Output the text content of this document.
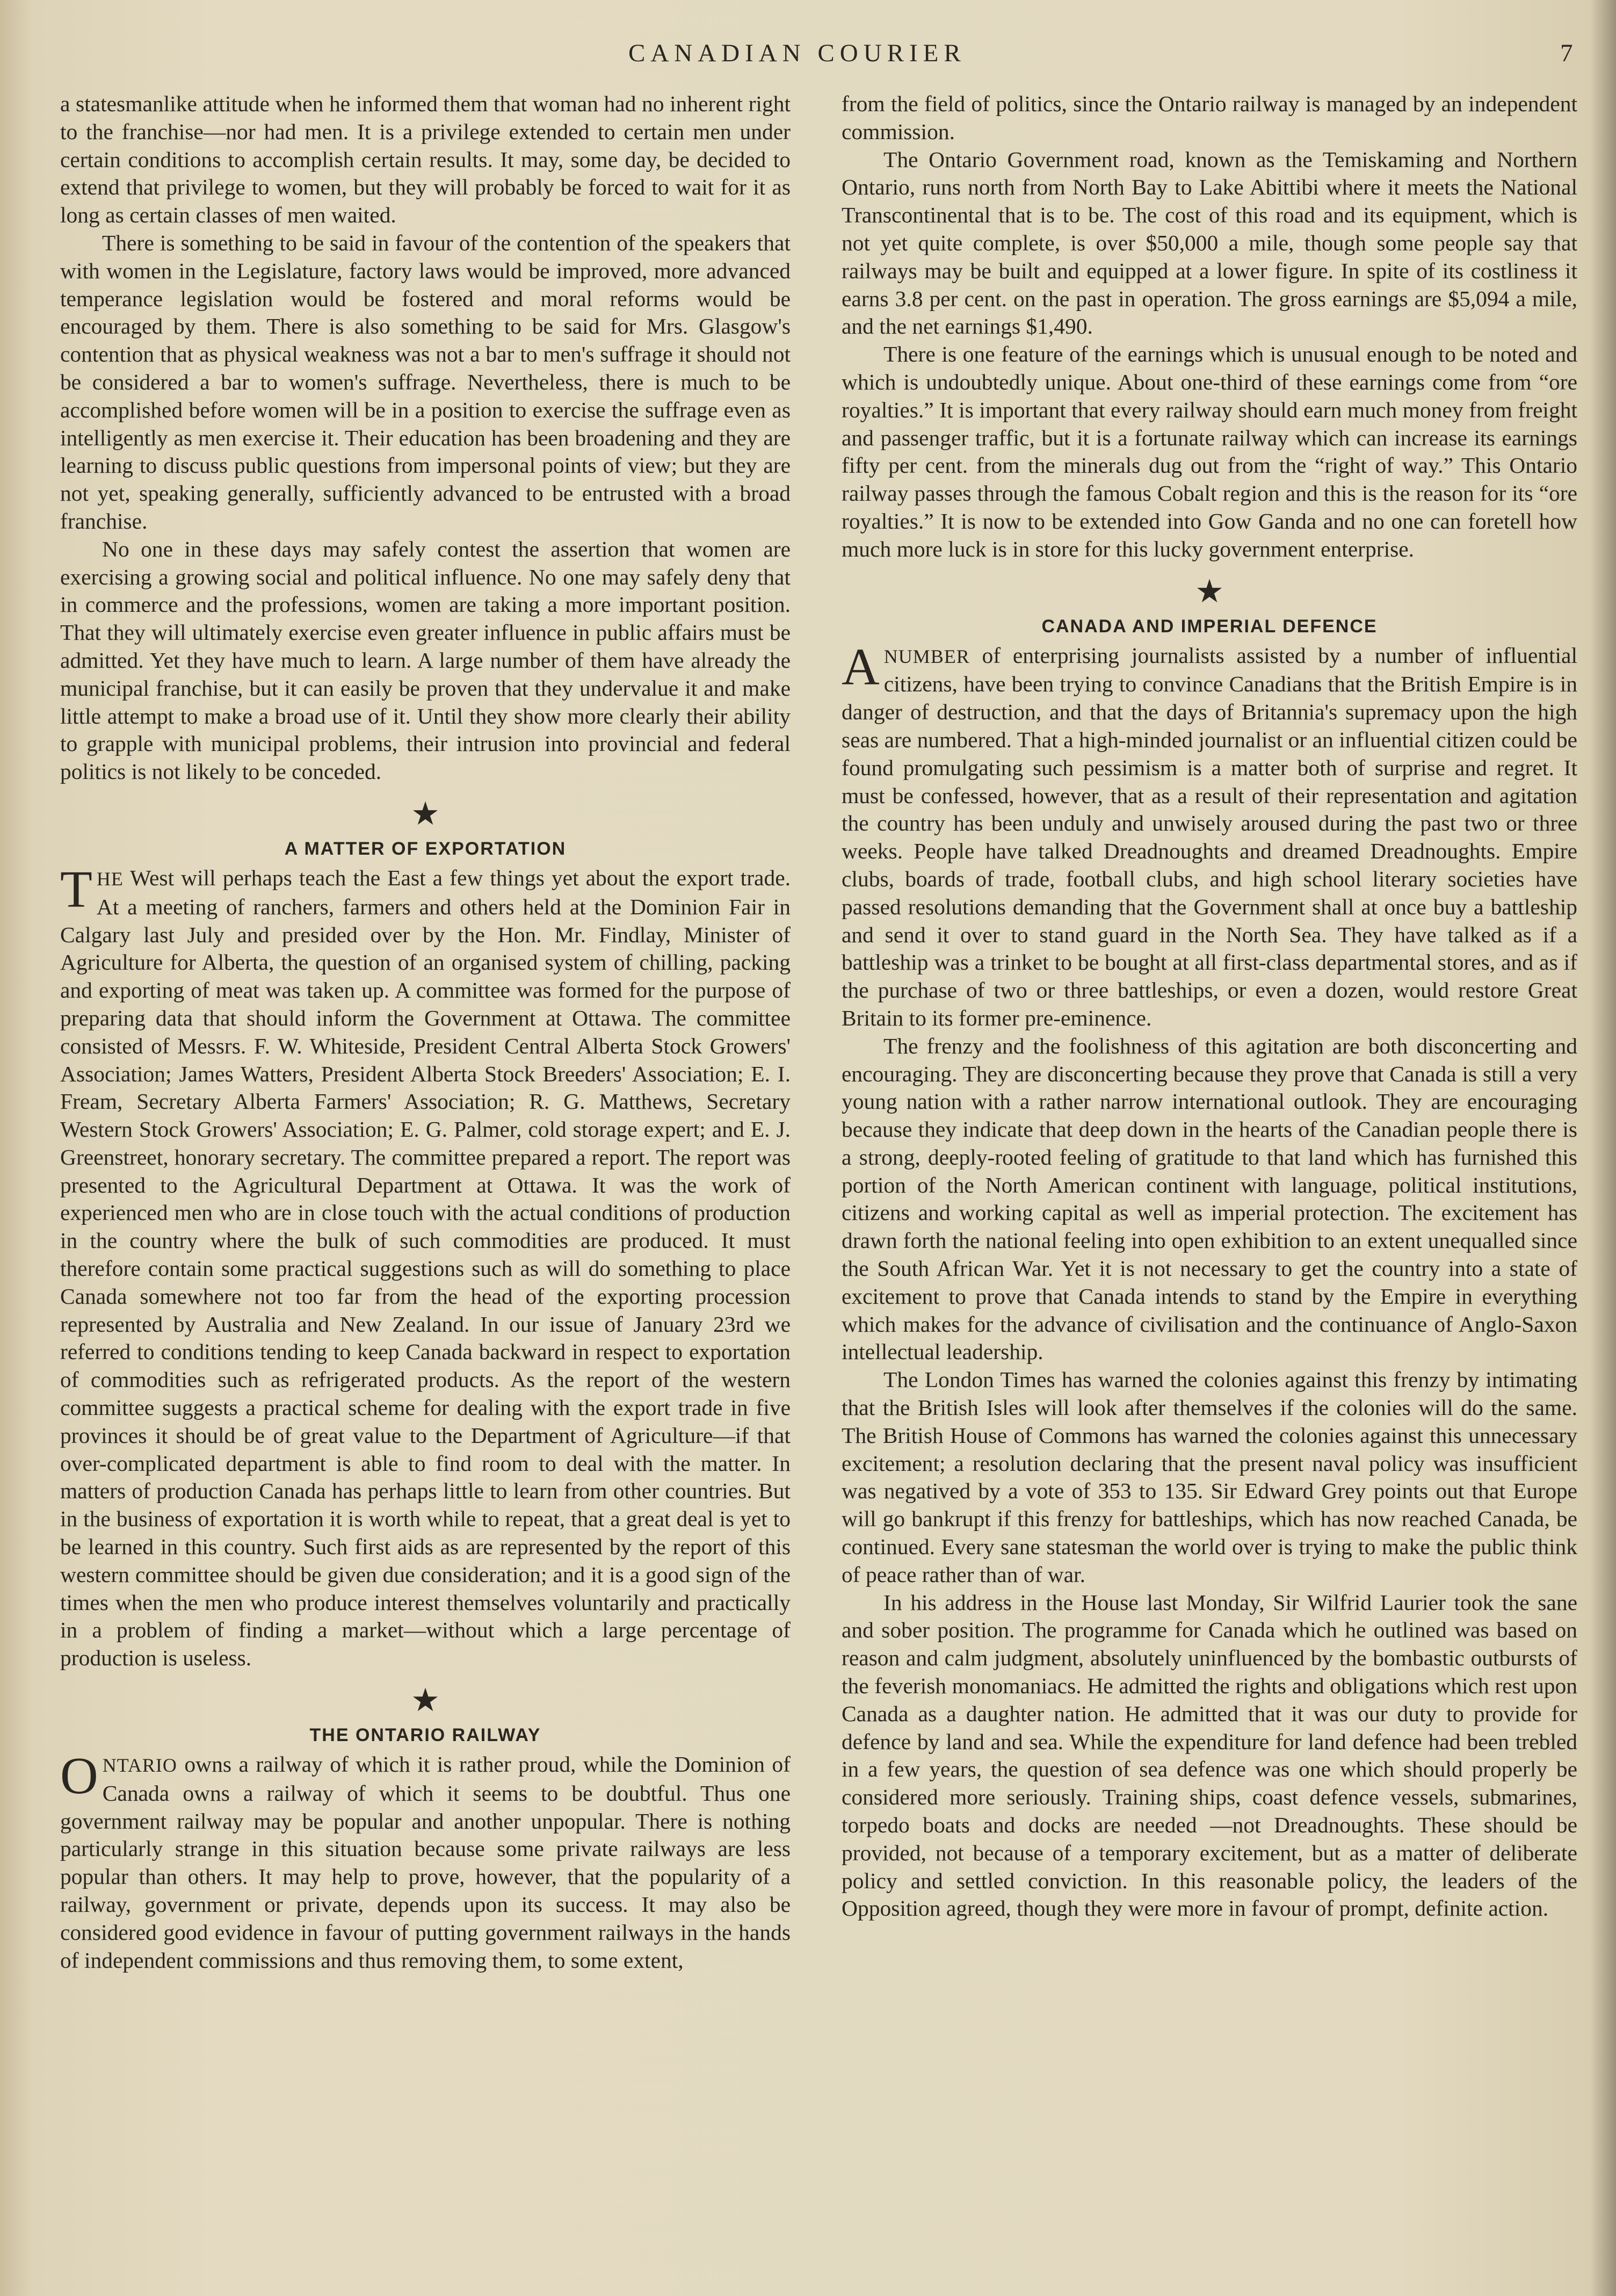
CANADIAN COURIER	7

a statesmanlike attitude when he informed them that woman had no inherent right to the franchise—nor had men. It is a privilege extended to certain men under certain conditions to accomplish certain results. It may, some day, be decided to extend that privilege to women, but they will probably be forced to wait for it as long as certain classes of men waited.

There is something to be said in favour of the contention of the speakers that with women in the Legislature, factory laws would be improved, more advanced temperance legislation would be fostered and moral reforms would be encouraged by them. There is also something to be said for Mrs. Glasgow's contention that as physical weakness was not a bar to men's suffrage it should not be considered a bar to women's suffrage. Nevertheless, there is much to be accomplished before women will be in a position to exercise the suffrage even as intelligently as men exercise it. Their education has been broadening and they are learning to discuss public questions from impersonal points of view; but they are not yet, speaking generally, sufficiently advanced to be entrusted with a broad franchise.

No one in these days may safely contest the assertion that women are exercising a growing social and political influence. No one may safely deny that in commerce and the professions, women are taking a more important position. That they will ultimately exercise even greater influence in public affairs must be admitted. Yet they have much to learn. A large number of them have already the municipal franchise, but it can easily be proven that they undervalue it and make little attempt to make a broad use of it. Until they show more clearly their ability to grapple with municipal problems, their intrusion into provincial and federal politics is not likely to be conceded.

★
A MATTER OF EXPORTATION

THE West will perhaps teach the East a few things yet about the export trade. At a meeting of ranchers, farmers and others held at the Dominion Fair in Calgary last July and presided over by the Hon. Mr. Findlay, Minister of Agriculture for Alberta, the question of an organised system of chilling, packing and exporting of meat was taken up. A committee was formed for the purpose of preparing data that should inform the Government at Ottawa. The committee consisted of Messrs. F. W. Whiteside, President Central Alberta Stock Growers' Association; James Watters, President Alberta Stock Breeders' Association; E. I. Fream, Secretary Alberta Farmers' Association; R. G. Matthews, Secretary Western Stock Growers' Association; E. G. Palmer, cold storage expert; and E. J. Greenstreet, honorary secretary. The committee prepared a report. The report was presented to the Agricultural Department at Ottawa. It was the work of experienced men who are in close touch with the actual conditions of production in the country where the bulk of such commodities are produced. It must therefore contain some practical suggestions such as will do something to place Canada somewhere not too far from the head of the exporting procession represented by Australia and New Zealand. In our issue of January 23rd we referred to conditions tending to keep Canada backward in respect to exportation of commodities such as refrigerated products. As the report of the western committee suggests a practical scheme for dealing with the export trade in five provinces it should be of great value to the Department of Agriculture—if that over-complicated department is able to find room to deal with the matter. In matters of production Canada has perhaps little to learn from other countries. But in the business of exportation it is worth while to repeat, that a great deal is yet to be learned in this country. Such first aids as are represented by the report of this western committee should be given due consideration; and it is a good sign of the times when the men who produce interest themselves voluntarily and practically in a problem of finding a market—without which a large percentage of production is useless.

★
THE ONTARIO RAILWAY

ONTARIO owns a railway of which it is rather proud, while the Dominion of Canada owns a railway of which it seems to be doubtful. Thus one government railway may be popular and another unpopular. There is nothing particularly strange in this situation because some private railways are less popular than others. It may help to prove, however, that the popularity of a railway, government or private, depends upon its success. It may also be considered good evidence in favour of putting government railways in the hands of independent commissions and thus removing them, to some extent,

from the field of politics, since the Ontario railway is managed by an independent commission.

The Ontario Government road, known as the Temiskaming and Northern Ontario, runs north from North Bay to Lake Abittibi where it meets the National Transcontinental that is to be. The cost of this road and its equipment, which is not yet quite complete, is over $50,000 a mile, though some people say that railways may be built and equipped at a lower figure. In spite of its costliness it earns 3.8 per cent. on the past in operation. The gross earnings are $5,094 a mile, and the net earnings $1,490.

There is one feature of the earnings which is unusual enough to be noted and which is undoubtedly unique. About one-third of these earnings come from “ore royalties.” It is important that every railway should earn much money from freight and passenger traffic, but it is a fortunate railway which can increase its earnings fifty per cent. from the minerals dug out from the “right of way.” This Ontario railway passes through the famous Cobalt region and this is the reason for its “ore royalties.” It is now to be extended into Gow Ganda and no one can foretell how much more luck is in store for this lucky government enterprise.

★
CANADA AND IMPERIAL DEFENCE

ANUMBER of enterprising journalists assisted by a number of influential citizens, have been trying to convince Canadians that the British Empire is in danger of destruction, and that the days of Britannia's supremacy upon the high seas are numbered. That a high-minded journalist or an influential citizen could be found promulgating such pessimism is a matter both of surprise and regret. It must be confessed, however, that as a result of their representation and agitation the country has been unduly and unwisely aroused during the past two or three weeks. People have talked Dreadnoughts and dreamed Dreadnoughts. Empire clubs, boards of trade, football clubs, and high school literary societies have passed resolutions demanding that the Government shall at once buy a battleship and send it over to stand guard in the North Sea. They have talked as if a battleship was a trinket to be bought at all first-class departmental stores, and as if the purchase of two or three battleships, or even a dozen, would restore Great Britain to its former pre-eminence.

The frenzy and the foolishness of this agitation are both disconcerting and encouraging. They are disconcerting because they prove that Canada is still a very young nation with a rather narrow international outlook. They are encouraging because they indicate that deep down in the hearts of the Canadian people there is a strong, deeply-rooted feeling of gratitude to that land which has furnished this portion of the North American continent with language, political institutions, citizens and working capital as well as imperial protection. The excitement has drawn forth the national feeling into open exhibition to an extent unequalled since the South African War. Yet it is not necessary to get the country into a state of excitement to prove that Canada intends to stand by the Empire in everything which makes for the advance of civilisation and the continuance of Anglo-Saxon intellectual leadership.

The London Times has warned the colonies against this frenzy by intimating that the British Isles will look after themselves if the colonies will do the same. The British House of Commons has warned the colonies against this unnecessary excitement; a resolution declaring that the present naval policy was insufficient was negatived by a vote of 353 to 135. Sir Edward Grey points out that Europe will go bankrupt if this frenzy for battleships, which has now reached Canada, be continued. Every sane statesman the world over is trying to make the public think of peace rather than of war.

In his address in the House last Monday, Sir Wilfrid Laurier took the sane and sober position. The programme for Canada which he outlined was based on reason and calm judgment, absolutely uninfluenced by the bombastic outbursts of the feverish monomaniacs. He admitted the rights and obligations which rest upon Canada as a daughter nation. He admitted that it was our duty to provide for defence by land and sea. While the expenditure for land defence had been trebled in a few years, the question of sea defence was one which should properly be considered more seriously. Training ships, coast defence vessels, submarines, torpedo boats and docks are needed —not Dreadnoughts. These should be provided, not because of a temporary excitement, but as a matter of deliberate policy and settled conviction. In this reasonable policy, the leaders of the Opposition agreed, though they were more in favour of prompt, definite action.
